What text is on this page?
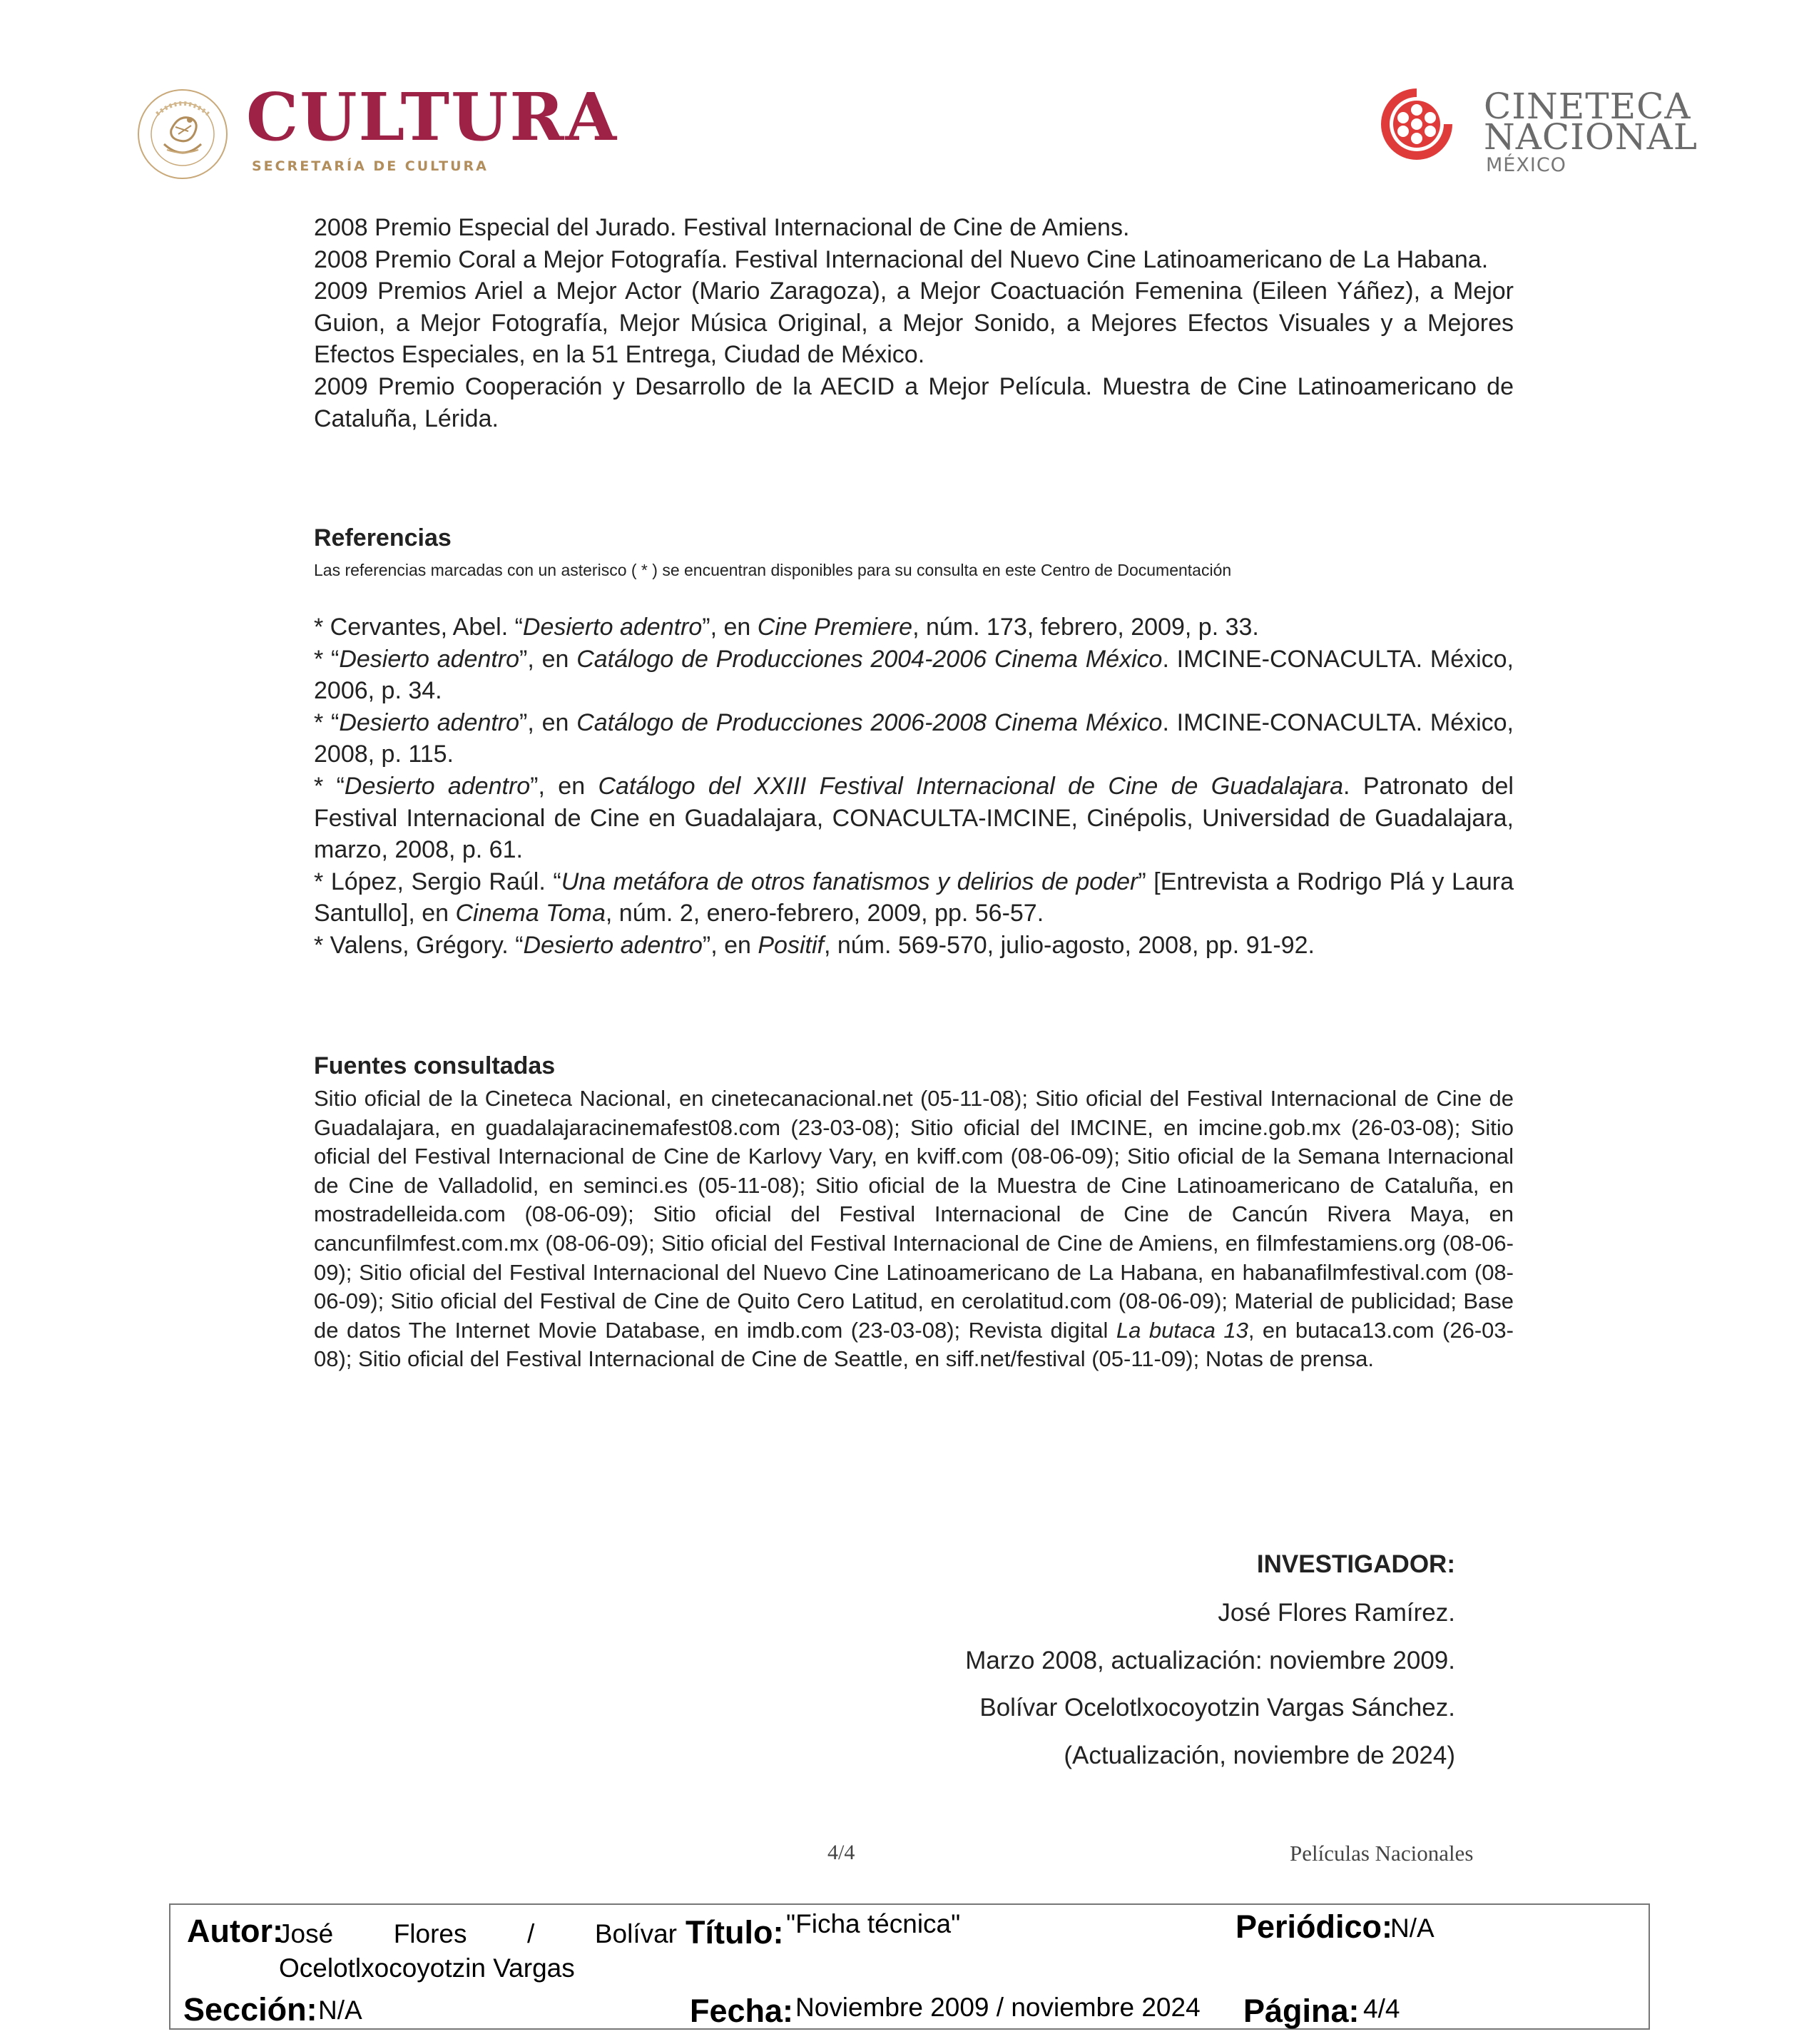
CULTURA
SECRETARÍA DE CULTURA
CINETECA
NACIONAL
MÉXICO
2008 Premio Especial del Jurado. Festival Internacional de Cine de Amiens.
2008 Premio Coral a Mejor Fotografía. Festival Internacional del Nuevo Cine Latinoamericano de La Habana.
2009 Premios Ariel a Mejor Actor (Mario Zaragoza), a Mejor Coactuación Femenina (Eileen Yáñez), a Mejor Guion, a Mejor Fotografía, Mejor Música Original, a Mejor Sonido, a Mejores Efectos Visuales y a Mejores Efectos Especiales, en la 51 Entrega, Ciudad de México.
2009 Premio Cooperación y Desarrollo de la AECID a Mejor Película. Muestra de Cine Latinoamericano de Cataluña, Lérida.
Referencias
Las referencias marcadas con un asterisco ( * ) se encuentran disponibles para su consulta en este Centro de Documentación
* Cervantes, Abel. “Desierto adentro”, en Cine Premiere, núm. 173, febrero, 2009, p. 33.
* “Desierto adentro”, en Catálogo de Producciones 2004-2006 Cinema México. IMCINE-CONACULTA. México, 2006, p. 34.
* “Desierto adentro”, en Catálogo de Producciones 2006-2008 Cinema México. IMCINE-CONACULTA. México, 2008, p. 115.
* “Desierto adentro”, en Catálogo del XXIII Festival Internacional de Cine de Guadalajara. Patronato del Festival Internacional de Cine en Guadalajara, CONACULTA-IMCINE, Cinépolis, Universidad de Guadalajara, marzo, 2008, p. 61.
* López, Sergio Raúl. “Una metáfora de otros fanatismos y delirios de poder” [Entrevista a Rodrigo Plá y Laura Santullo], en Cinema Toma, núm. 2, enero-febrero, 2009, pp. 56-57.
* Valens, Grégory. “Desierto adentro”, en Positif, núm. 569-570, julio-agosto, 2008, pp. 91-92.
Fuentes consultadas
Sitio oficial de la Cineteca Nacional, en cinetecanacional.net (05-11-08); Sitio oficial del Festival Internacional de Cine de Guadalajara, en guadalajaracinemafest08.com (23-03-08); Sitio oficial del IMCINE, en imcine.gob.mx (26-03-08); Sitio oficial del Festival Internacional de Cine de Karlovy Vary, en kviff.com (08-06-09); Sitio oficial de la Semana Internacional de Cine de Valladolid, en seminci.es (05-11-08); Sitio oficial de la Muestra de Cine Latinoamericano de Cataluña, en mostradelleida.com (08-06-09); Sitio oficial del Festival Internacional de Cine de Cancún Rivera Maya, en cancunfilmfest.com.mx (08-06-09); Sitio oficial del Festival Internacional de Cine de Amiens, en filmfestamiens.org (08-06-09); Sitio oficial del Festival Internacional del Nuevo Cine Latinoamericano de La Habana, en habanafilmfestival.com (08-06-09); Sitio oficial del Festival de Cine de Quito Cero Latitud, en cerolatitud.com (08-06-09); Material de publicidad; Base de datos The Internet Movie Database, en imdb.com (23-03-08); Revista digital La butaca 13, en butaca13.com (26-03-08); Sitio oficial del Festival Internacional de Cine de Seattle, en siff.net/festival (05-11-09); Notas de prensa.
INVESTIGADOR:
José Flores Ramírez.
Marzo 2008, actualización: noviembre 2009.
Bolívar Ocelotlxocoyotzin Vargas Sánchez.
(Actualización, noviembre de 2024)
4/4	Películas Nacionales
Autor:
José Flores / Bolívar
Ocelotlxocoyotzin Vargas
Título: "Ficha técnica"	Periódico:
N/A
Sección: N/A	Fecha: Noviembre 2009 / noviembre 2024 Página: 4/4
